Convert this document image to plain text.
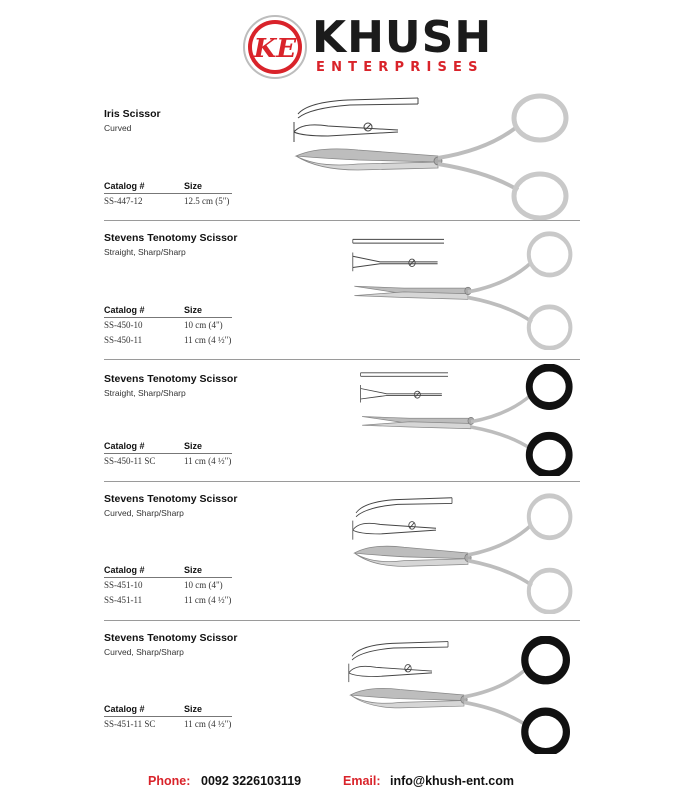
KE KHUSH
ENTERPRISES
Iris Scissor
Curved
Catalog #	Size
SS-447-12	12.5 cm (5")
Stevens Tenotomy Scissor
Straight, Sharp/Sharp
Catalog #	Size
SS-450-10	10 cm (4")
SS-450-11	11 cm (4 ½")
Stevens Tenotomy Scissor
Straight, Sharp/Sharp
Catalog #	Size
SS-450-11 SC	11 cm (4 ½")
Stevens Tenotomy Scissor
Curved, Sharp/Sharp
Catalog #	Size
SS-451-10	10 cm (4")
SS-451-11	11 cm (4 ½")
Stevens Tenotomy Scissor
Curved, Sharp/Sharp
Catalog #	Size
SS-451-11 SC	11 cm (4 ½")
Phone: 0092 3226103119	Email: info@khush-ent.com
